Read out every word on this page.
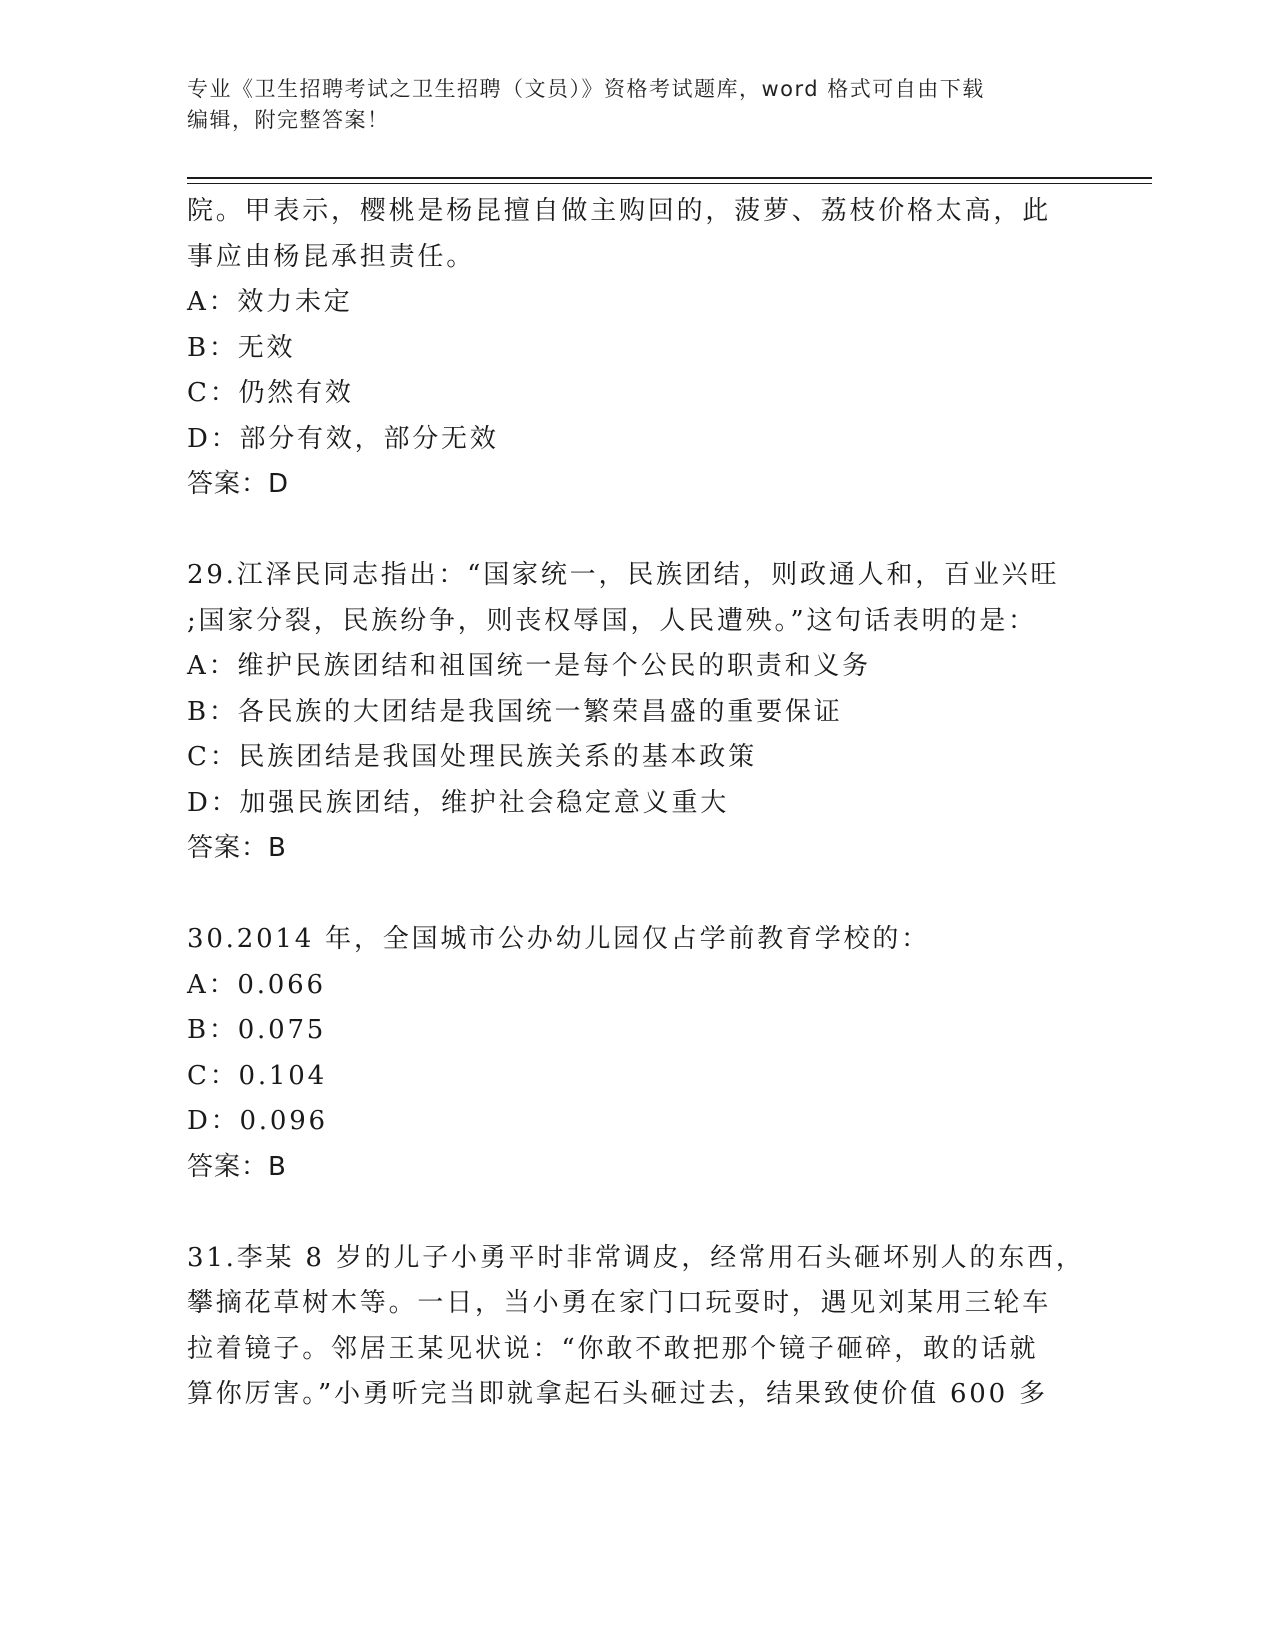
专业《卫生招聘考试之卫生招聘（文员）》资格考试题库，word 格式可自由下载
编辑，附完整答案！
院。甲表示，樱桃是杨昆擅自做主购回的，菠萝、荔枝价格太高，此
事应由杨昆承担责任。
A：效力未定
B：无效
C：仍然有效
D：部分有效，部分无效
答案：D
29.江泽民同志指出：“国家统一，民族团结，则政通人和，百业兴旺
;国家分裂，民族纷争，则丧权辱国，人民遭殃。”这句话表明的是：
A：维护民族团结和祖国统一是每个公民的职责和义务
B：各民族的大团结是我国统一繁荣昌盛的重要保证
C：民族团结是我国处理民族关系的基本政策
D：加强民族团结，维护社会稳定意义重大
答案：B
30.2014 年，全国城市公办幼儿园仅占学前教育学校的：
A：0.066
B：0.075
C：0.104
D：0.096
答案：B
31.李某 8 岁的儿子小勇平时非常调皮，经常用石头砸坏别人的东西，
攀摘花草树木等。一日，当小勇在家门口玩耍时，遇见刘某用三轮车
拉着镜子。邻居王某见状说：“你敢不敢把那个镜子砸碎，敢的话就
算你厉害。”小勇听完当即就拿起石头砸过去，结果致使价值 600 多
